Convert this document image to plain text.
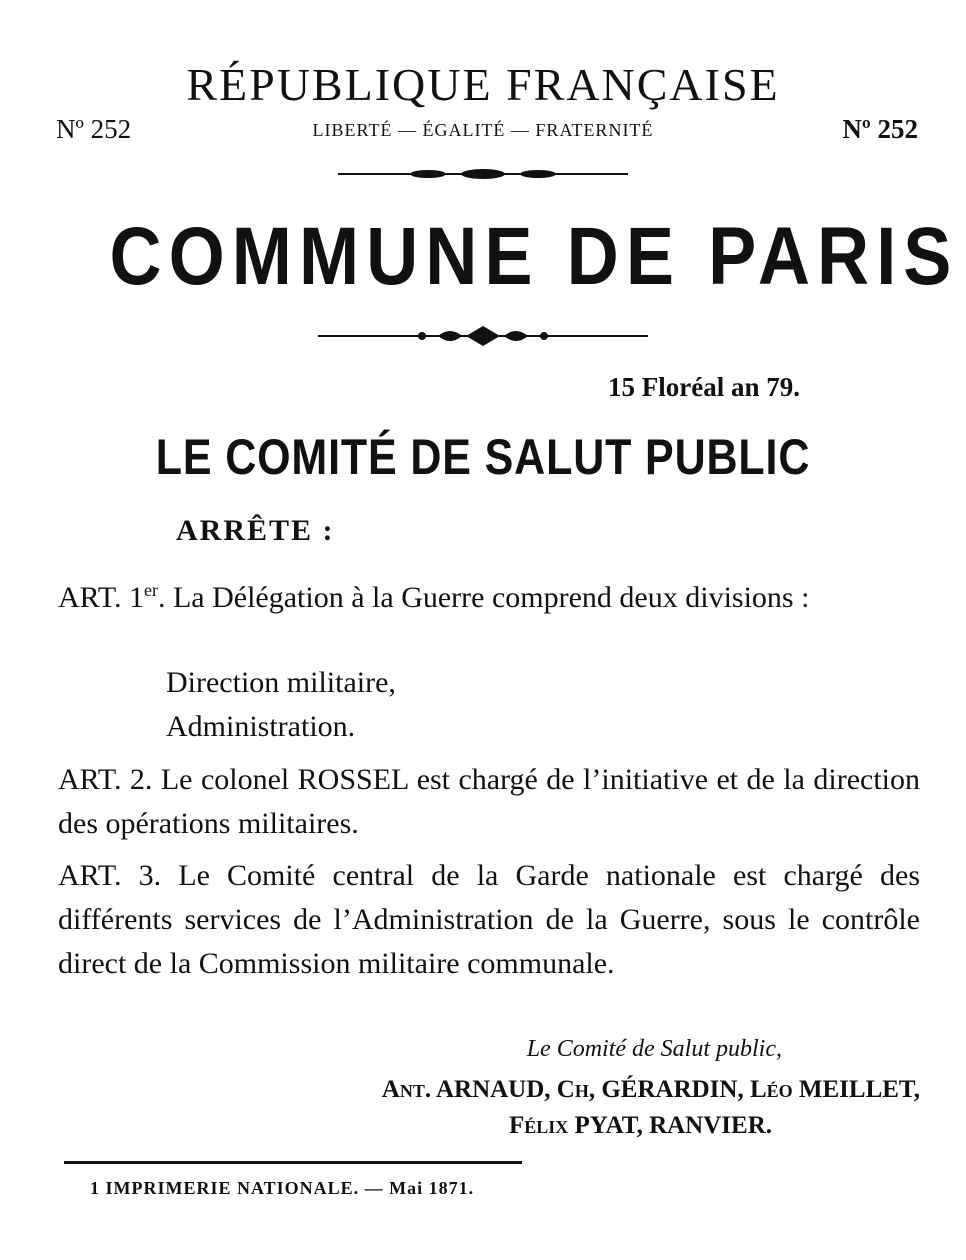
RÉPUBLIQUE FRANÇAISE
Nº 252	Nº 252
LIBERTÉ — ÉGALITÉ — FRATERNITÉ
COMMUNE DE PARIS
15 Floréal an 79.
LE COMITÉ DE SALUT PUBLIC
ARRÊTE :
ART. 1er. La Délégation à la Guerre comprend deux divisions :
Direction militaire,
Administration.
ART. 2. Le colonel ROSSEL est chargé de l’initiative et de la direction des opérations militaires.
ART. 3. Le Comité central de la Garde nationale est chargé des différents services de l’Administration de la Guerre, sous le contrôle direct de la Commission militaire communale.
Le Comité de Salut public,
Ant. ARNAUD, Ch, GÉRARDIN, Léo MEILLET,
Félix PYAT, RANVIER.
1 IMPRIMERIE NATIONALE. — Mai 1871.
